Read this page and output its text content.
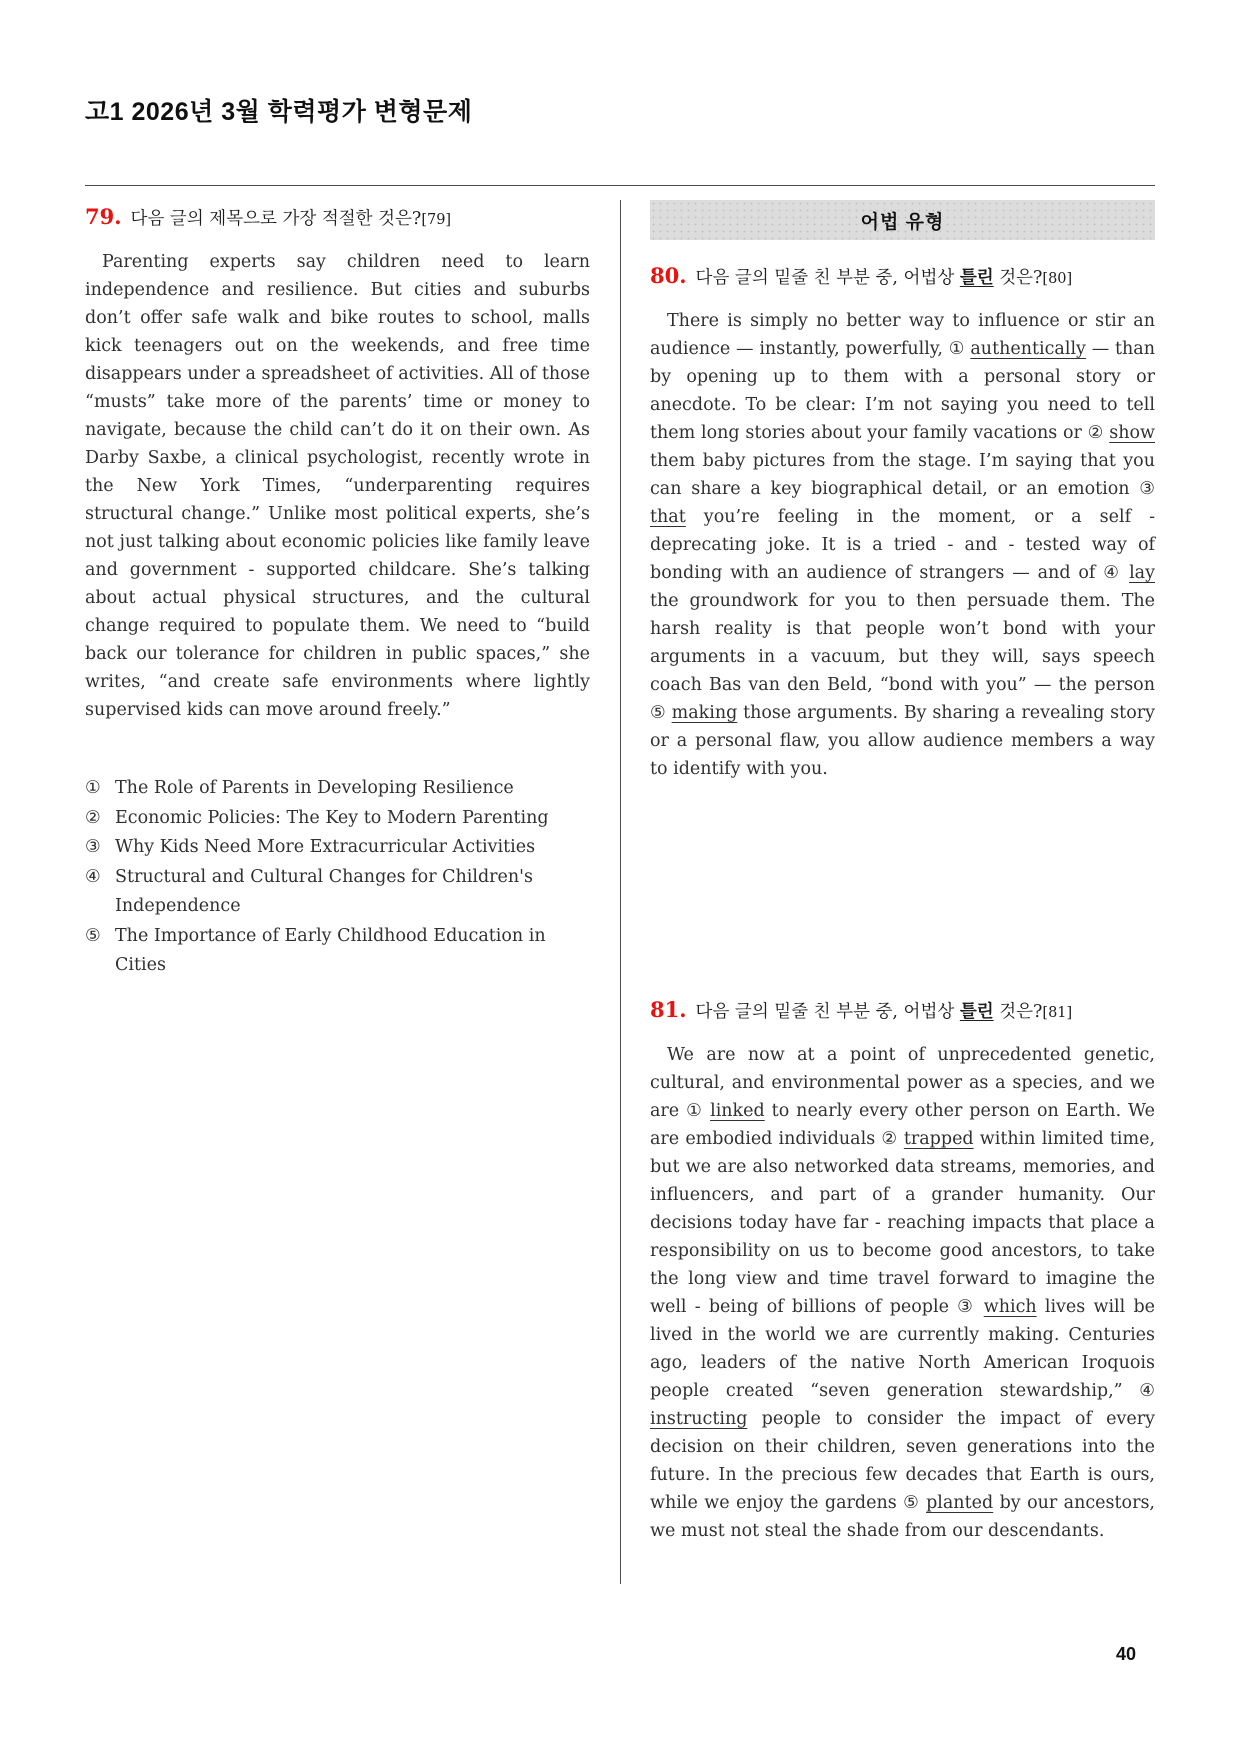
고1 2026년 3월 학력평가 변형문제
79. 다음 글의 제목으로 가장 적절한 것은?[79]

Parenting experts say children need to learn independence and resilience. But cities and suburbs don’t offer safe walk and bike routes to school, malls kick teenagers out on the weekends, and free time disappears under a spreadsheet of activities. All of those “musts” take more of the parents’ time or money to navigate, because the child can’t do it on their own. As Darby Saxbe, a clinical psychologist, recently wrote in the New York Times, “underparenting requires structural change.” Unlike most political experts, she’s not just talking about economic policies like family leave and government - supported childcare. She’s talking about actual physical structures, and the cultural change required to populate them. We need to “build back our tolerance for children in public spaces,” she writes, “and create safe environments where lightly supervised kids can move around freely.”

① The Role of Parents in Developing Resilience
② Economic Policies: The Key to Modern Parenting
③ Why Kids Need More Extracurricular Activities
④ Structural and Cultural Changes for Children's Independence
⑤ The Importance of Early Childhood Education in Cities
어법 유형
80. 다음 글의 밑줄 친 부분 중, 어법상 틀린 것은?[80]

There is simply no better way to influence or stir an audience — instantly, powerfully, ① authentically — than by opening up to them with a personal story or anecdote. To be clear: I’m not saying you need to tell them long stories about your family vacations or ② show them baby pictures from the stage. I’m saying that you can share a key biographical detail, or an emotion ③ that you’re feeling in the moment, or a self - deprecating joke. It is a tried - and - tested way of bonding with an audience of strangers — and of ④ lay the groundwork for you to then persuade them. The harsh reality is that people won’t bond with your arguments in a vacuum, but they will, says speech coach Bas van den Beld, “bond with you” — the person ⑤ making those arguments. By sharing a revealing story or a personal flaw, you allow audience members a way to identify with you.

81. 다음 글의 밑줄 친 부분 중, 어법상 틀린 것은?[81]

We are now at a point of unprecedented genetic, cultural, and environmental power as a species, and we are ① linked to nearly every other person on Earth. We are embodied individuals ② trapped within limited time, but we are also networked data streams, memories, and influencers, and part of a grander humanity. Our decisions today have far - reaching impacts that place a responsibility on us to become good ancestors, to take the long view and time travel forward to imagine the well - being of billions of people ③ which lives will be lived in the world we are currently making. Centuries ago, leaders of the native North American Iroquois people created “seven generation stewardship,” ④ instructing people to consider the impact of every decision on their children, seven generations into the future. In the precious few decades that Earth is ours, while we enjoy the gardens ⑤ planted by our ancestors, we must not steal the shade from our descendants.

40
